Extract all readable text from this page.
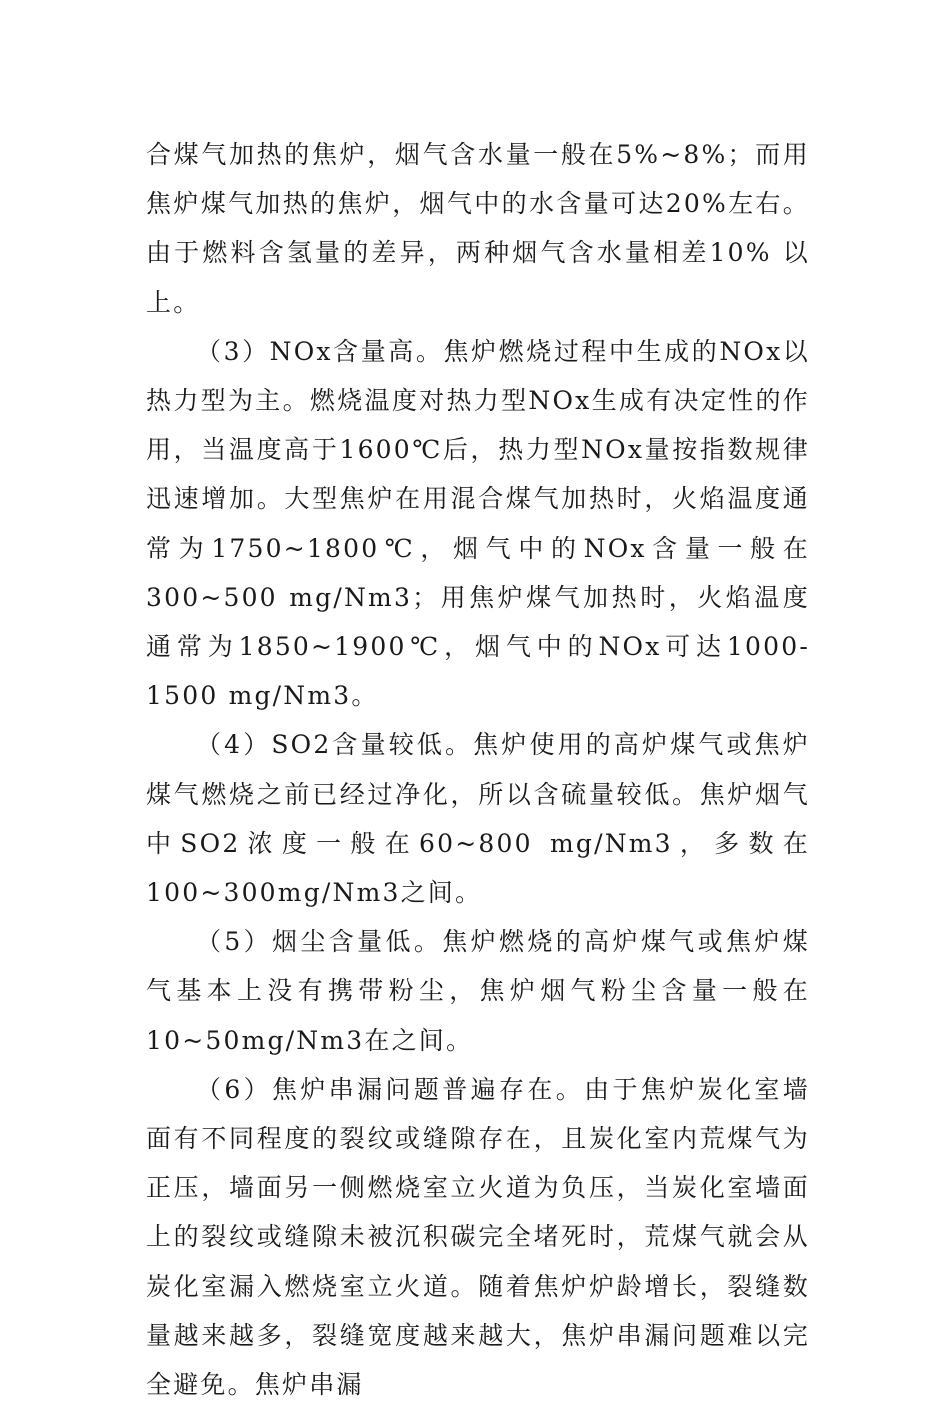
合煤气加热的焦炉，烟气含水量一般在5%~8%；而用焦炉煤气加热的焦炉，烟气中的水含量可达20%左右。由于燃料含氢量的差异，两种烟气含水量相差10% 以上。

（3）NOx含量高。焦炉燃烧过程中生成的NOx以热力型为主。燃烧温度对热力型NOx生成有决定性的作用，当温度高于1600℃后，热力型NOx量按指数规律迅速增加。大型焦炉在用混合煤气加热时，火焰温度通常为1750~1800℃，烟气中的NOx含量一般在300~500 mg/Nm3；用焦炉煤气加热时，火焰温度通常为1850~1900℃，烟气中的NOx可达1000-1500 mg/Nm3。

（4）SO2含量较低。焦炉使用的高炉煤气或焦炉煤气燃烧之前已经过净化，所以含硫量较低。焦炉烟气中SO2浓度一般在60~800 mg/Nm3，多数在100~300mg/Nm3之间。

（5）烟尘含量低。焦炉燃烧的高炉煤气或焦炉煤气基本上没有携带粉尘，焦炉烟气粉尘含量一般在10~50mg/Nm3在之间。

（6）焦炉串漏问题普遍存在。由于焦炉炭化室墙面有不同程度的裂纹或缝隙存在，且炭化室内荒煤气为正压，墙面另一侧燃烧室立火道为负压，当炭化室墙面上的裂纹或缝隙未被沉积碳完全堵死时，荒煤气就会从炭化室漏入燃烧室立火道。随着焦炉炉龄增长，裂缝数量越来越多，裂缝宽度越来越大，焦炉串漏问题难以完全避免。焦炉串漏
